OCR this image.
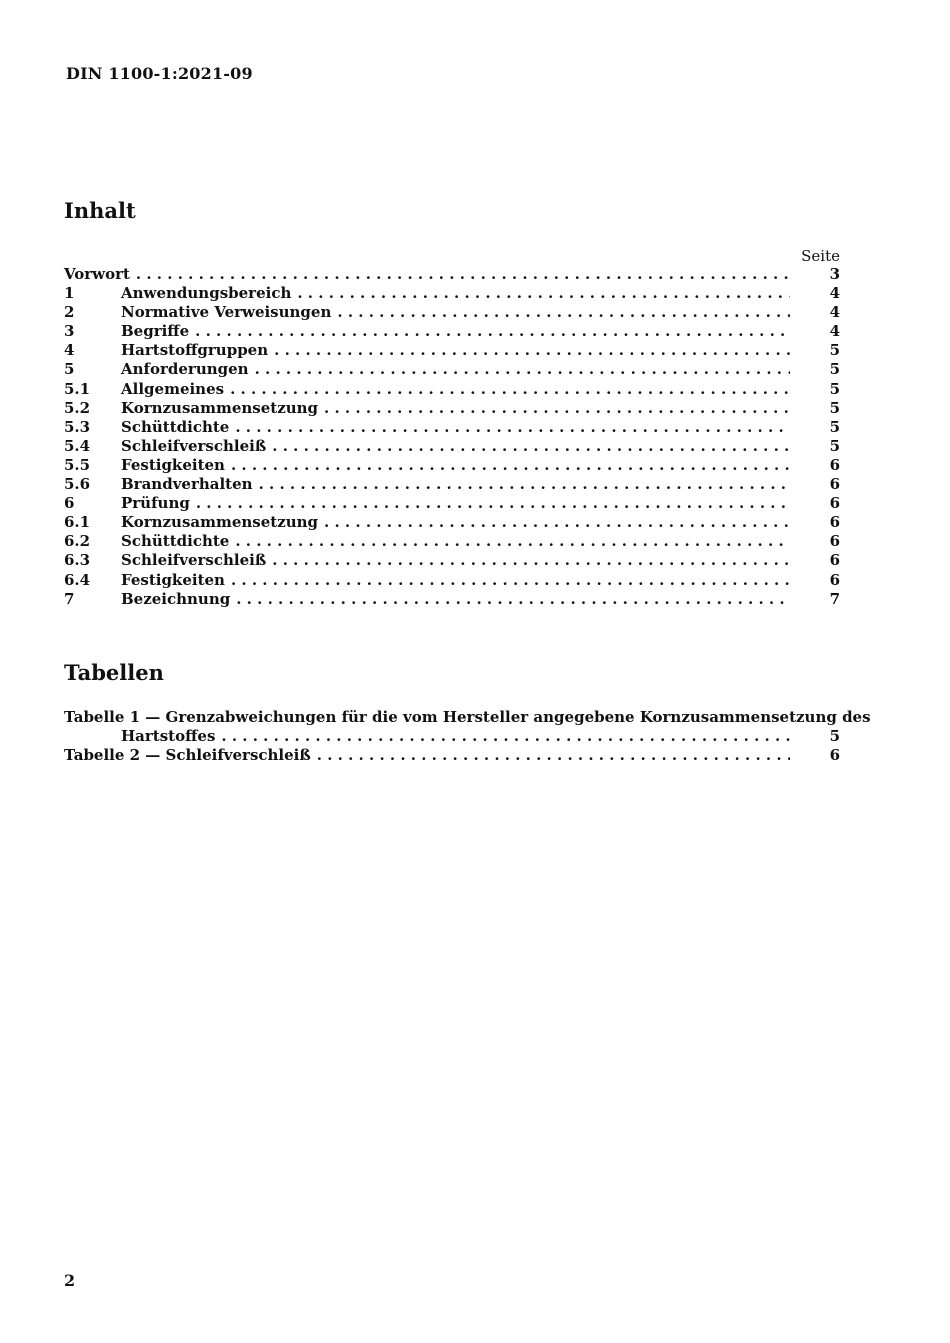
DIN 1100-1:2021-09
Inhalt
Seite
Vorwort . . .	3
1	Anwendungsbereich . . .	4
2	Normative Verweisungen . . .	4
3	Begriffe . . .	4
4	Hartstoffgruppen . . .	5
5	Anforderungen . . .	5
5.1	Allgemeines . . .	5
5.2	Kornzusammensetzung . . .	5
5.3	Schüttdichte . . .	5
5.4	Schleifverschleiß . . .	5
5.5	Festigkeiten . . .	6
5.6	Brandverhalten . . .	6
6	Prüfung . . .	6
6.1	Kornzusammensetzung . . .	6
6.2	Schüttdichte . . .	6
6.3	Schleifverschleiß . . .	6
6.4	Festigkeiten . . .	6
7	Bezeichnung . . .	7
Tabellen
Tabelle 1 — Grenzabweichungen für die vom Hersteller angegebene Kornzusammensetzung des
Hartstoffes . . .	5
Tabelle 2 — Schleifverschleiß . . .	6
2
